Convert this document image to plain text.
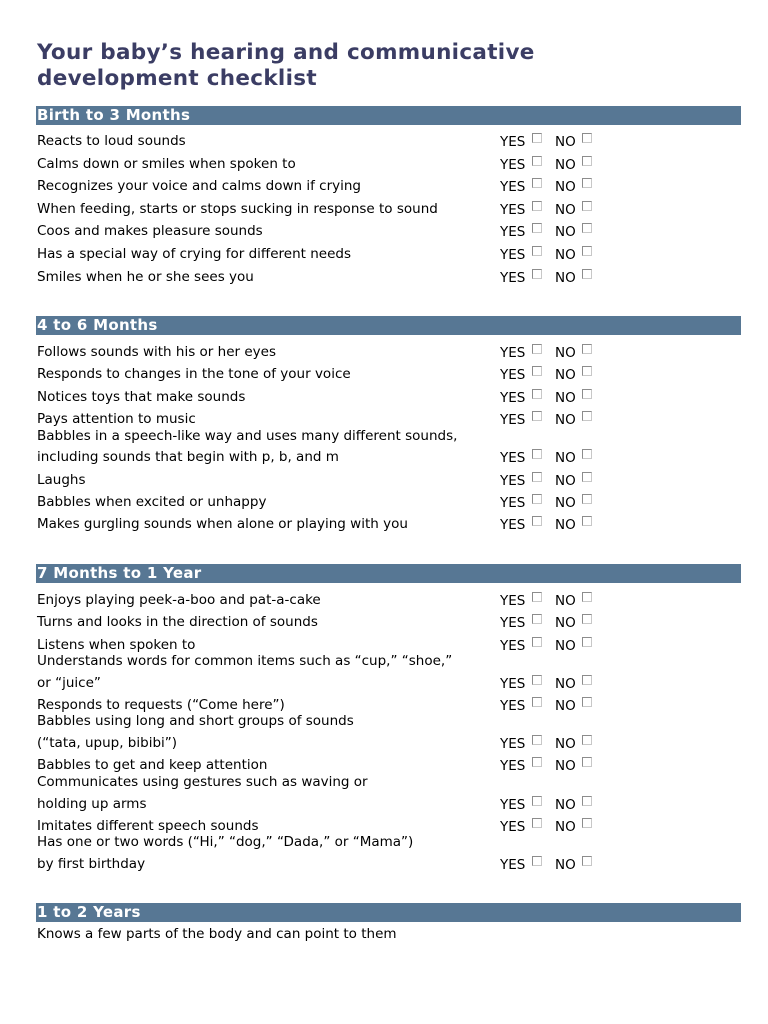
Your baby’s hearing and communicative development checklist
Birth to 3 Months
Reacts to loud sounds	YES NO
Calms down or smiles when spoken to	YES NO
Recognizes your voice and calms down if crying	YES NO
When feeding, starts or stops sucking in response to sound	YES NO
Coos and makes pleasure sounds	YES NO
Has a special way of crying for different needs	YES NO
Smiles when he or she sees you	YES NO
4 to 6 Months
Follows sounds with his or her eyes	YES NO
Responds to changes in the tone of your voice	YES NO
Notices toys that make sounds	YES NO
Pays attention to music	YES NO
Babbles in a speech-like way and uses many different sounds,
including sounds that begin with p, b, and m	YES NO
Laughs	YES NO
Babbles when excited or unhappy	YES NO
Makes gurgling sounds when alone or playing with you	YES NO
7 Months to 1 Year
Enjoys playing peek-a-boo and pat-a-cake	YES NO
Turns and looks in the direction of sounds	YES NO
Listens when spoken to	YES NO
Understands words for common items such as “cup,” “shoe,”
or “juice”	YES NO
Responds to requests (“Come here”)	YES NO
Babbles using long and short groups of sounds
(“tata, upup, bibibi”)	YES NO
Babbles to get and keep attention	YES NO
Communicates using gestures such as waving or
holding up arms	YES NO
Imitates different speech sounds	YES NO
Has one or two words (“Hi,” “dog,” “Dada,” or “Mama”)
by first birthday	YES NO
1 to 2 Years
Knows a few parts of the body and can point to them
